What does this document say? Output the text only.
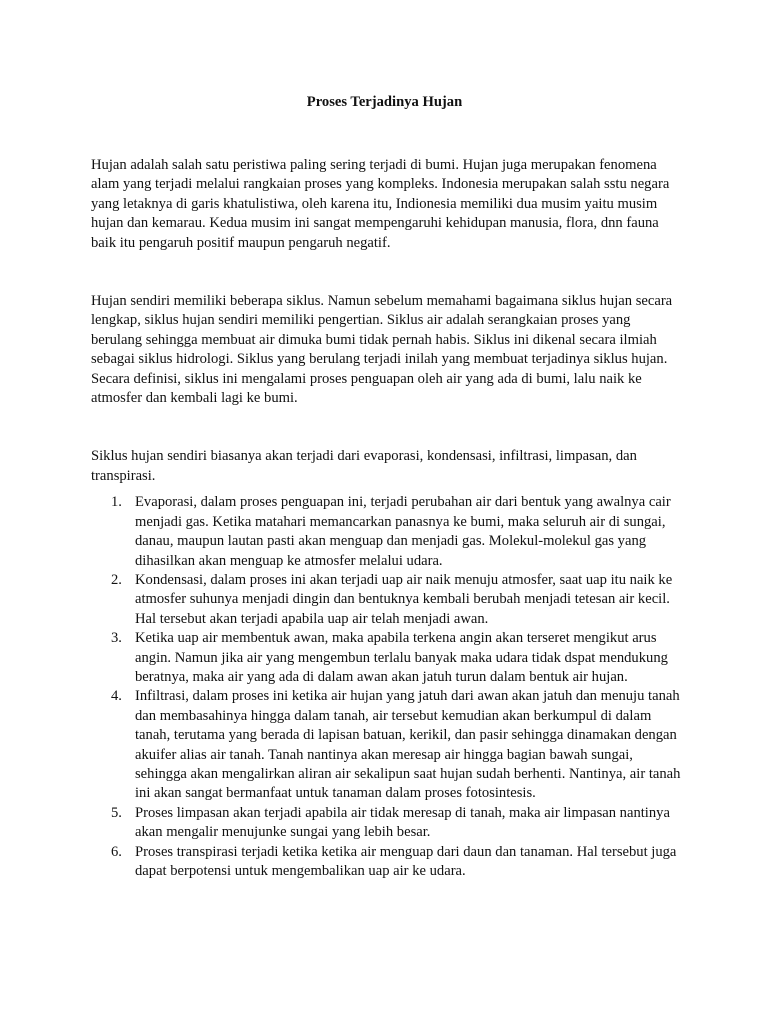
Proses Terjadinya Hujan

Hujan adalah salah satu peristiwa paling sering terjadi di bumi. Hujan juga merupakan fenomena alam yang terjadi melalui rangkaian proses yang kompleks. Indonesia merupakan salah sstu negara yang letaknya di garis khatulistiwa, oleh karena itu, Indionesia memiliki dua musim yaitu musim hujan dan kemarau. Kedua musim ini sangat mempengaruhi kehidupan manusia, flora, dnn fauna baik itu pengaruh positif maupun pengaruh negatif.

Hujan sendiri memiliki beberapa siklus. Namun sebelum memahami bagaimana siklus hujan secara lengkap, siklus hujan sendiri memiliki pengertian. Siklus air adalah serangkaian proses yang berulang sehingga membuat air dimuka bumi tidak pernah habis. Siklus ini dikenal secara ilmiah sebagai siklus hidrologi. Siklus yang berulang terjadi inilah yang membuat terjadinya siklus hujan. Secara definisi, siklus ini mengalami proses penguapan oleh air yang ada di bumi, lalu naik ke atmosfer dan kembali lagi ke bumi.

Siklus hujan sendiri biasanya akan terjadi dari evaporasi, kondensasi, infiltrasi, limpasan, dan transpirasi.

1. Evaporasi, dalam proses penguapan ini, terjadi perubahan air dari bentuk yang awalnya cair menjadi gas. Ketika matahari memancarkan panasnya ke bumi, maka seluruh air di sungai, danau, maupun lautan pasti akan menguap dan menjadi gas. Molekul-molekul gas yang dihasilkan akan menguap ke atmosfer melalui udara.
2. Kondensasi, dalam proses ini akan terjadi uap air naik menuju atmosfer, saat uap itu naik ke atmosfer suhunya menjadi dingin dan bentuknya kembali berubah menjadi tetesan air kecil. Hal tersebut akan terjadi apabila uap air telah menjadi awan.
3. Ketika uap air membentuk awan, maka apabila terkena angin akan terseret mengikut arus angin. Namun jika air yang mengembun terlalu banyak maka udara tidak dspat mendukung beratnya, maka air yang ada di dalam awan akan jatuh turun dalam bentuk air hujan.
4. Infiltrasi, dalam proses ini ketika air hujan yang jatuh dari awan akan jatuh dan menuju tanah dan membasahinya hingga dalam tanah, air tersebut kemudian akan berkumpul di dalam tanah, terutama yang berada di lapisan batuan, kerikil, dan pasir sehingga dinamakan dengan akuifer alias air tanah. Tanah nantinya akan meresap air hingga bagian bawah sungai, sehingga akan mengalirkan aliran air sekalipun saat hujan sudah berhenti. Nantinya, air tanah ini akan sangat bermanfaat untuk tanaman dalam proses fotosintesis.
5. Proses limpasan akan terjadi apabila air tidak meresap di tanah, maka air limpasan nantinya akan mengalir menujunke sungai yang lebih besar.
6. Proses transpirasi terjadi ketika ketika air menguap dari daun dan tanaman. Hal tersebut juga dapat berpotensi untuk mengembalikan uap air ke udara.
